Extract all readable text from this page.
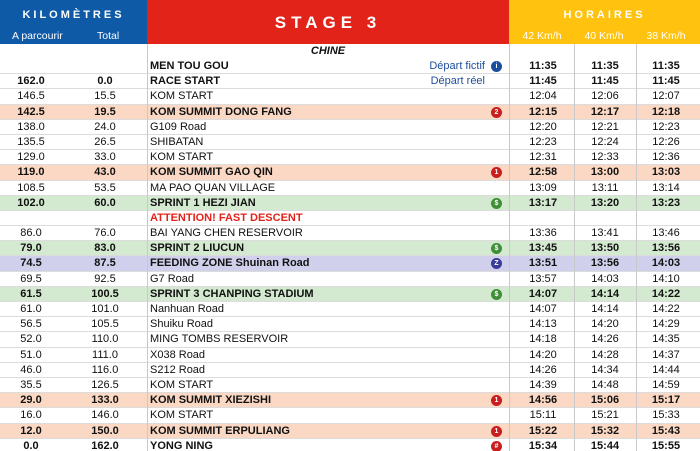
KILOMÈTRES
A parcourir	Total
STAGE 3	HORAIRES
42 Km/h	40 Km/h	38 Km/h
CHINE
MEN TOU GOU	Départ fictif	i	11:35	11:35	11:35
162.0	0.0	RACE START	Départ réel	11:45	11:45	11:45
146.5	15.5	KOM START	12:04	12:06	12:07
142.5	19.5	KOM SUMMIT DONG FANG	2	12:15	12:17	12:18
138.0	24.0	G109 Road	12:20	12:21	12:23
135.5	26.5	SHIBATAN	12:23	12:24	12:26
129.0	33.0	KOM START	12:31	12:33	12:36
119.0	43.0	KOM SUMMIT GAO QIN	1	12:58	13:00	13:03
108.5	53.5	MA PAO QUAN VILLAGE	13:09	13:11	13:14
102.0	60.0	SPRINT 1 HEZI JIAN	$	13:17	13:20	13:23
ATTENTION! FAST DESCENT
86.0	76.0	BAI YANG CHEN RESERVOIR	13:36	13:41	13:46
79.0	83.0	SPRINT 2 LIUCUN	$	13:45	13:50	13:56
74.5	87.5	FEEDING ZONE Shuinan Road	Z	13:51	13:56	14:03
69.5	92.5	G7 Road	13:57	14:03	14:10
61.5	100.5	SPRINT 3 CHANPING STADIUM	$	14:07	14:14	14:22
61.0	101.0	Nanhuan Road	14:07	14:14	14:22
56.5	105.5	Shuiku Road	14:13	14:20	14:29
52.0	110.0	MING TOMBS RESERVOIR	14:18	14:26	14:35
51.0	111.0	X038 Road	14:20	14:28	14:37
46.0	116.0	S212 Road	14:26	14:34	14:44
35.5	126.5	KOM START	14:39	14:48	14:59
29.0	133.0	KOM SUMMIT XIEZISHI	1	14:56	15:06	15:17
16.0	146.0	KOM START	15:11	15:21	15:33
12.0	150.0	KOM SUMMIT ERPULIANG	1	15:22	15:32	15:43
0.0	162.0	YONG NING	#	15:34	15:44	15:55
